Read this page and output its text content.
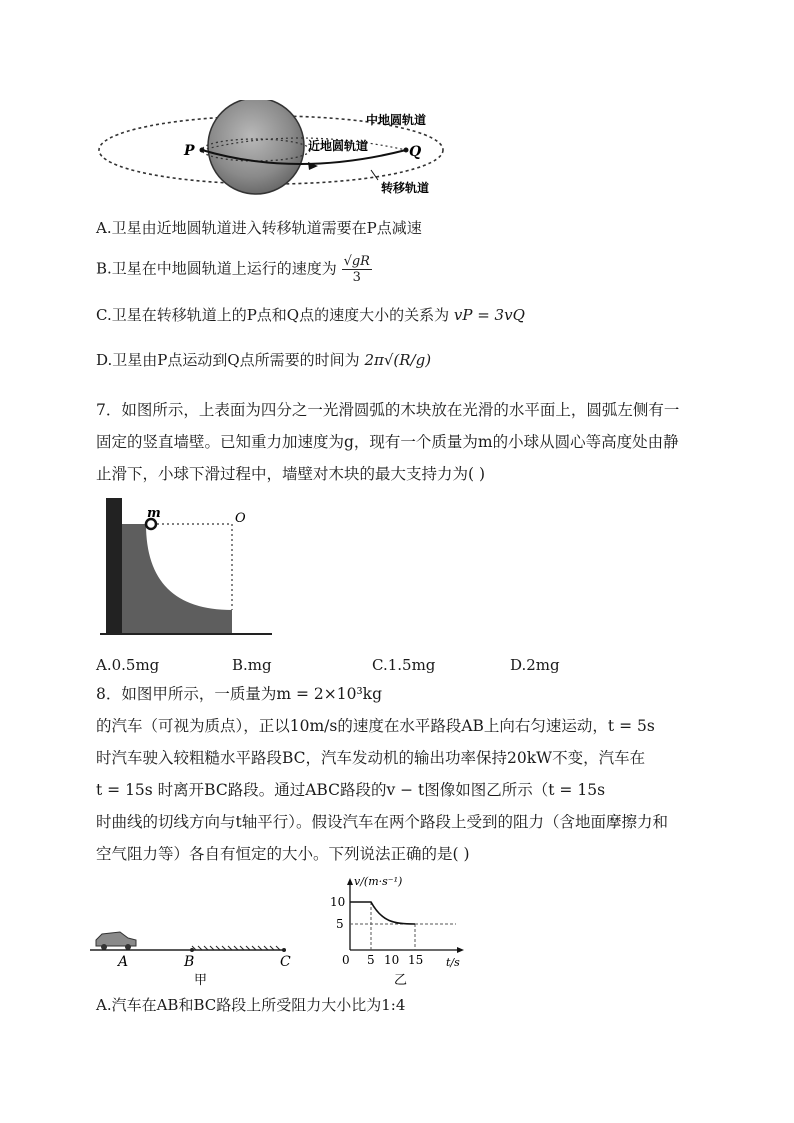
P	Q
中地圆轨道
近地圆轨道
转移轨道
A.卫星由近地圆轨道进入转移轨道需要在P点减速
B.卫星在中地圆轨道上运行的速度为 $\frac{√gR}{3}$
C.卫星在转移轨道上的P点和Q点的速度大小的关系为 vP = 3vQ
D.卫星由P点运动到Q点所需要的时间为 2π√(R/g)
7．如图所示，上表面为四分之一光滑圆弧的木块放在光滑的水平面上，圆弧左侧有一
固定的竖直墙壁。已知重力加速度为g，现有一个质量为m的小球从圆心等高度处由静
止滑下，小球下滑过程中，墙壁对木块的最大支持力为( )
m	O
A.0.5mg	B.mg	C.1.5mg	D.2mg
8．如图甲所示，一质量为m = 2×10³kg
的汽车（可视为质点），正以10m/s的速度在水平路段AB上向右匀速运动，t = 5s
时汽车驶入较粗糙水平路段BC，汽车发动机的输出功率保持20kW不变，汽车在
t = 15s 时离开BC路段。通过ABC路段的v − t图像如图乙所示（t = 15s
时曲线的切线方向与t轴平行）。假设汽车在两个路段上受到的阻力（含地面摩擦力和
空气阻力等）各自有恒定的大小。下列说法正确的是( )
A	B	C
甲
v/(m·s⁻¹)
t/s
10
5
0 5 10 15
乙
A.汽车在AB和BC路段上所受阻力大小比为1:4
